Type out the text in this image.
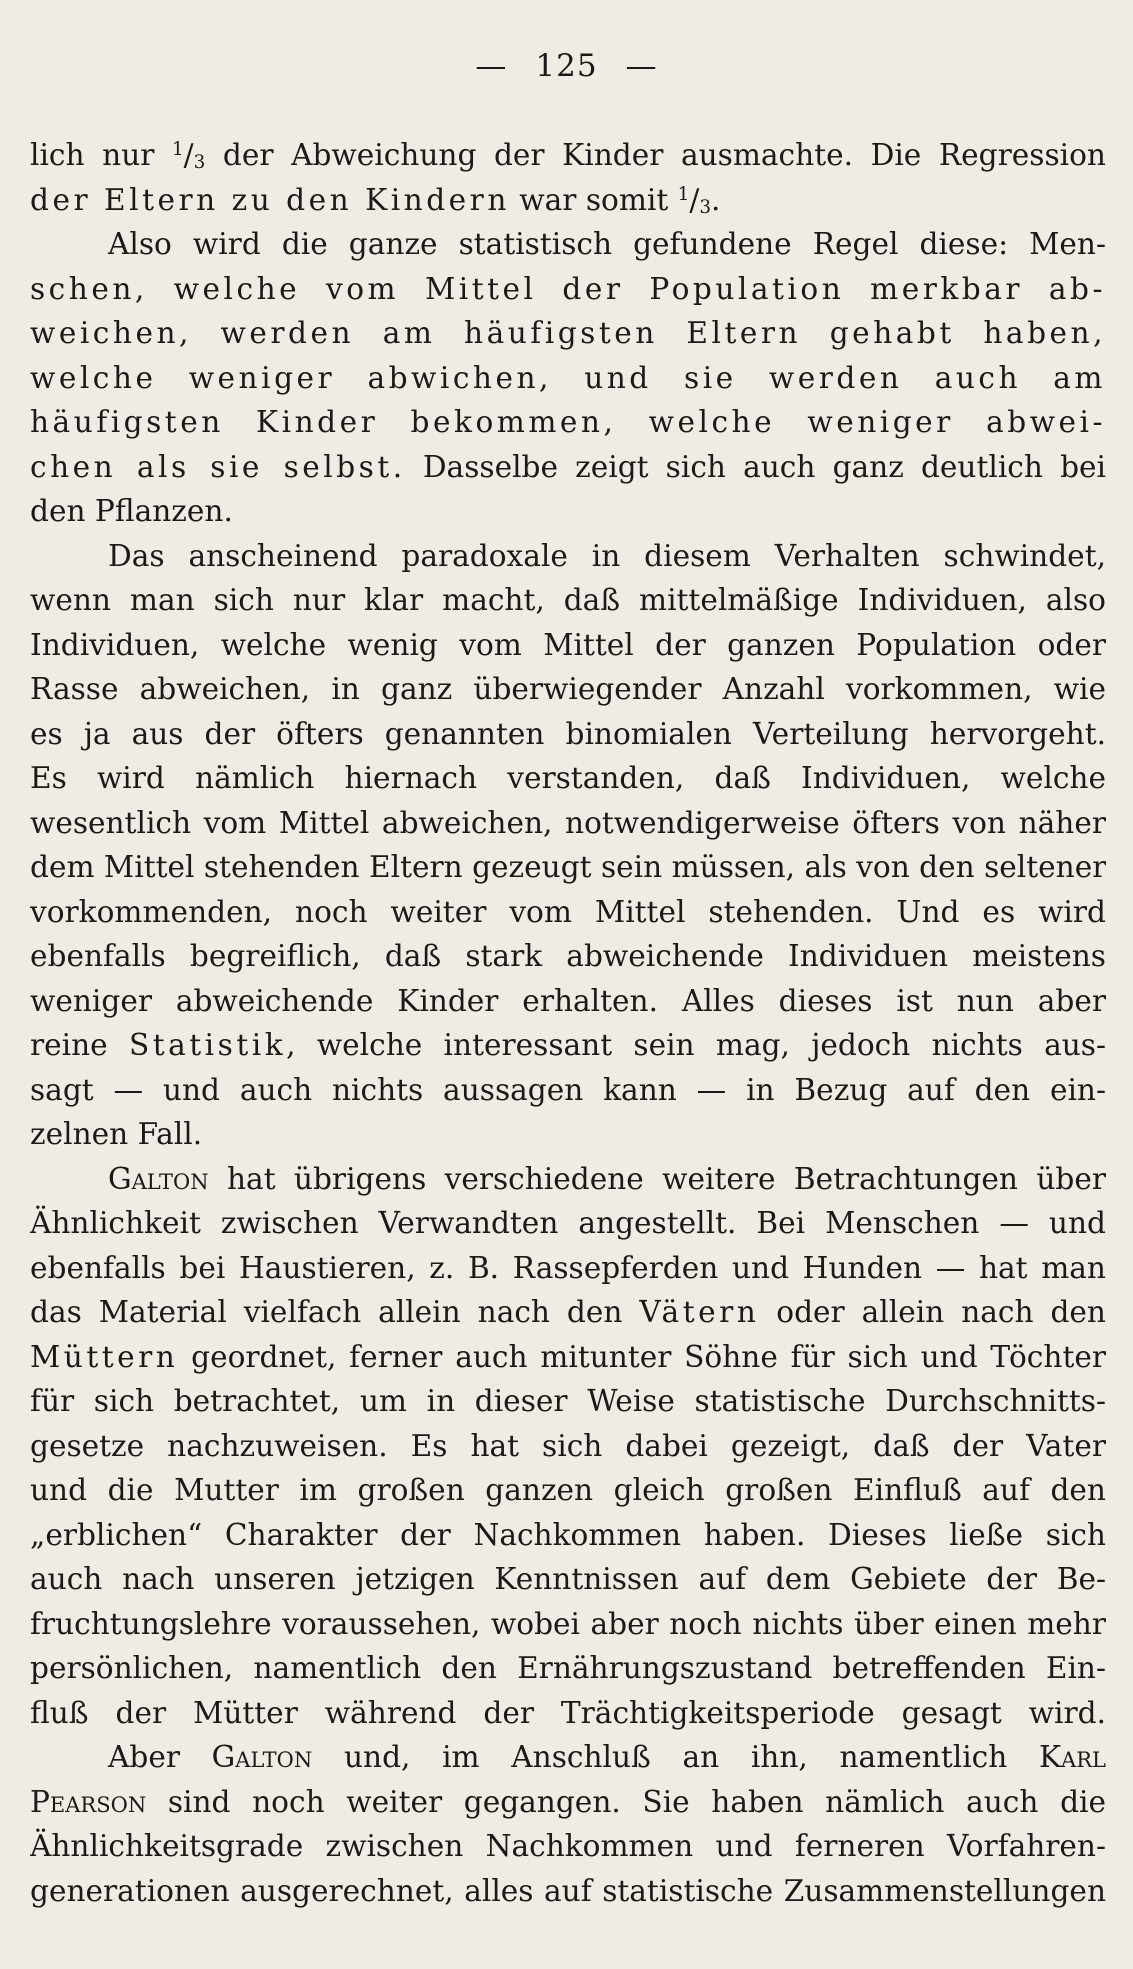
— 125 —
lich nur $^1/_3$ der Abweichung der Kinder ausmachte. Die Regression
der Eltern zu den Kindern war somit $^1/_3$.
Also wird die ganze statistisch gefundene Regel diese: Men-
schen, welche vom Mittel der Population merkbar ab-
weichen, werden am häufigsten Eltern gehabt haben,
welche weniger abwichen, und sie werden auch am
häufigsten Kinder bekommen, welche weniger abwei-
chen als sie selbst. Dasselbe zeigt sich auch ganz deutlich bei
den Pflanzen.
Das anscheinend paradoxale in diesem Verhalten schwindet,
wenn man sich nur klar macht, daß mittelmäßige Individuen, also
Individuen, welche wenig vom Mittel der ganzen Population oder
Rasse abweichen, in ganz überwiegender Anzahl vorkommen, wie
es ja aus der öfters genannten binomialen Verteilung hervorgeht.
Es wird nämlich hiernach verstanden, daß Individuen, welche
wesentlich vom Mittel abweichen, notwendigerweise öfters von näher
dem Mittel stehenden Eltern gezeugt sein müssen, als von den seltener
vorkommenden, noch weiter vom Mittel stehenden. Und es wird
ebenfalls begreiflich, daß stark abweichende Individuen meistens
weniger abweichende Kinder erhalten. Alles dieses ist nun aber
reine Statistik, welche interessant sein mag, jedoch nichts aus-
sagt — und auch nichts aussagen kann — in Bezug auf den ein-
zelnen Fall.
Galton hat übrigens verschiedene weitere Betrachtungen über
Ähnlichkeit zwischen Verwandten angestellt. Bei Menschen — und
ebenfalls bei Haustieren, z. B. Rassepferden und Hunden — hat man
das Material vielfach allein nach den Vätern oder allein nach den
Müttern geordnet, ferner auch mitunter Söhne für sich und Töchter
für sich betrachtet, um in dieser Weise statistische Durchschnitts-
gesetze nachzuweisen. Es hat sich dabei gezeigt, daß der Vater
und die Mutter im großen ganzen gleich großen Einfluß auf den
„erblichen“ Charakter der Nachkommen haben. Dieses ließe sich
auch nach unseren jetzigen Kenntnissen auf dem Gebiete der Be-
fruchtungslehre voraussehen, wobei aber noch nichts über einen mehr
persönlichen, namentlich den Ernährungszustand betreffenden Ein-
fluß der Mütter während der Trächtigkeitsperiode gesagt wird.
Aber Galton und, im Anschluß an ihn, namentlich Karl
Pearson sind noch weiter gegangen. Sie haben nämlich auch die
Ähnlichkeitsgrade zwischen Nachkommen und ferneren Vorfahren-
generationen ausgerechnet, alles auf statistische Zusammenstellungen
